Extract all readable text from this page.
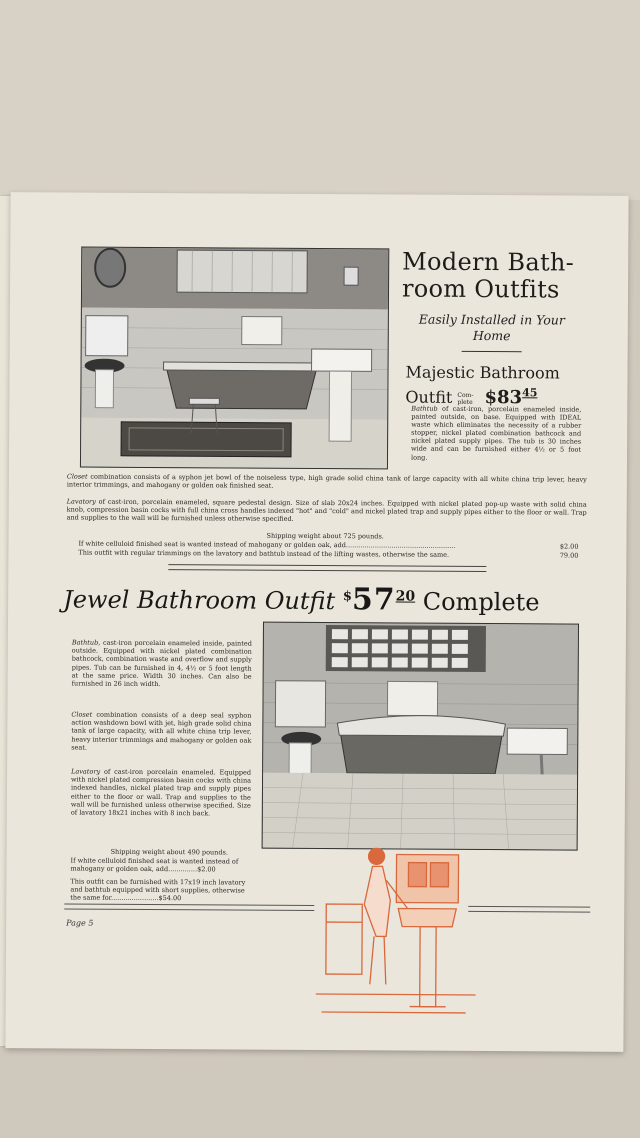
Modern Bath-
room Outfits
Easily Installed in Your
Home
Majestic Bathroom
Outfit Com-
plete $\$83^{45}$
Bathtub of cast-iron, porcelain enameled inside, painted outside, on base. Equipped with IDEAL waste which eliminates the necessity of a rubber stopper, nickel plated combination bathcock and nickel plated supply pipes. The tub is 30 inches wide and can be furnished either 4½ or 5 foot long.
Closet combination consists of a syphon jet bowl of the noiseless type, high grade solid china tank of large capacity with all white china trip lever, heavy interior trimmings, and mahogany or golden oak finished seat.
Lavatory of cast-iron, porcelain enameled, square pedestal design. Size of slab 20x24 inches. Equipped with nickel plated pop-up waste with solid china knob, compression basin cocks with full china cross handles indexed "hot" and "cold" and nickel plated trap and supply pipes either to the floor or wall. Trap and supplies to the wall will be furnished unless otherwise specified.
Shipping weight about 725 pounds.
If white celluloid finished seat is wanted instead of mahogany or golden oak, add.....................................................	$2.00
This outfit with regular trimmings on the lavatory and bathtub instead of the lifting wastes, otherwise the same.	79.00
Jewel Bathroom Outfit $^{\$}57^{20}$ Complete
Bathtub, cast-iron porcelain enameled inside, painted outside. Equipped with nickel plated combination bathcock, combination waste and overflow and supply pipes. Tub can be furnished in 4, 4½ or 5 foot length at the same price. Width 30 inches. Can also be furnished in 26 inch width.
Closet combination consists of a deep seal syphon action washdown bowl with jet, high grade solid china tank of large capacity, with all white china trip lever, heavy interior trimmings and mahogany or golden oak seat.
Lavatory of cast-iron porcelain enameled. Equipped with nickel plated compression basin cocks with china indexed handles, nickel plated trap and supply pipes either to the floor or wall. Trap and supplies to the wall will be furnished unless otherwise specified. Size of lavatory 18x21 inches with 8 inch back.
Shipping weight about 490 pounds.
If white celluloid finished seat is wanted instead of mahogany or golden oak, add..............$2.00
This outfit can be furnished with 17x19 inch lavatory and bathtub equipped with short supplies, otherwise the same for.......................$54.00
Page 5
